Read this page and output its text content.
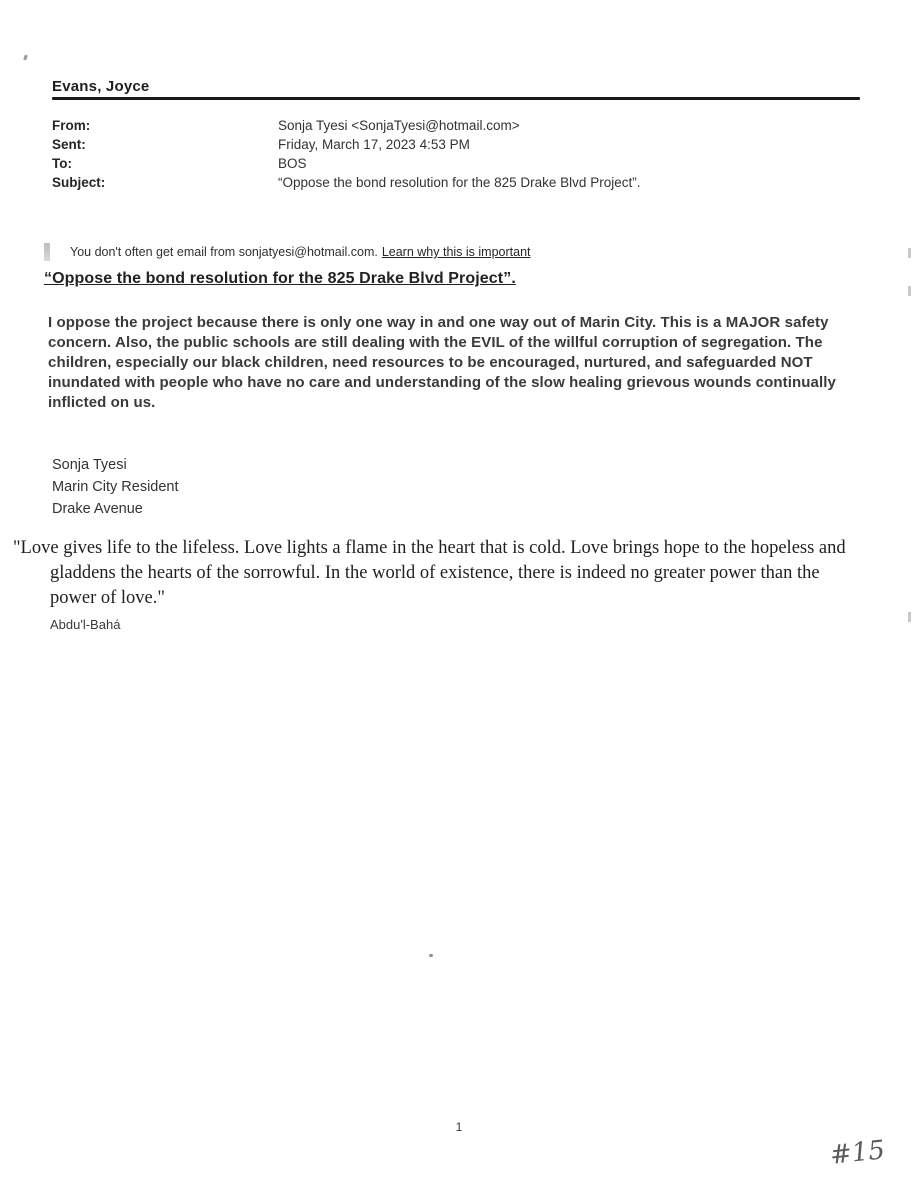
Evans, Joyce
From:	Sonja Tyesi <SonjaTyesi@hotmail.com>
Sent:	Friday, March 17, 2023 4:53 PM
To:	BOS
Subject:	“Oppose the bond resolution for the 825 Drake Blvd Project”.
You don't often get email from sonjatyesi@hotmail.com. Learn why this is important
“Oppose the bond resolution for the 825 Drake Blvd Project”.
I oppose the project because there is only one way in and one way out of Marin City. This is a MAJOR safety concern. Also, the public schools are still dealing with the EVIL of the willful corruption of segregation. The children, especially our black children, need resources to be encouraged, nurtured, and safeguarded NOT inundated with people who have no care and understanding of the slow healing grievous wounds continually inflicted on us.
Sonja Tyesi
Marin City Resident
Drake Avenue
"Love gives life to the lifeless. Love lights a flame in the heart that is cold. Love brings hope to the hopeless and gladdens the hearts of the sorrowful. In the world of existence, there is indeed no greater power than the power of love."
Abdu'l-Bahá
1
#15
